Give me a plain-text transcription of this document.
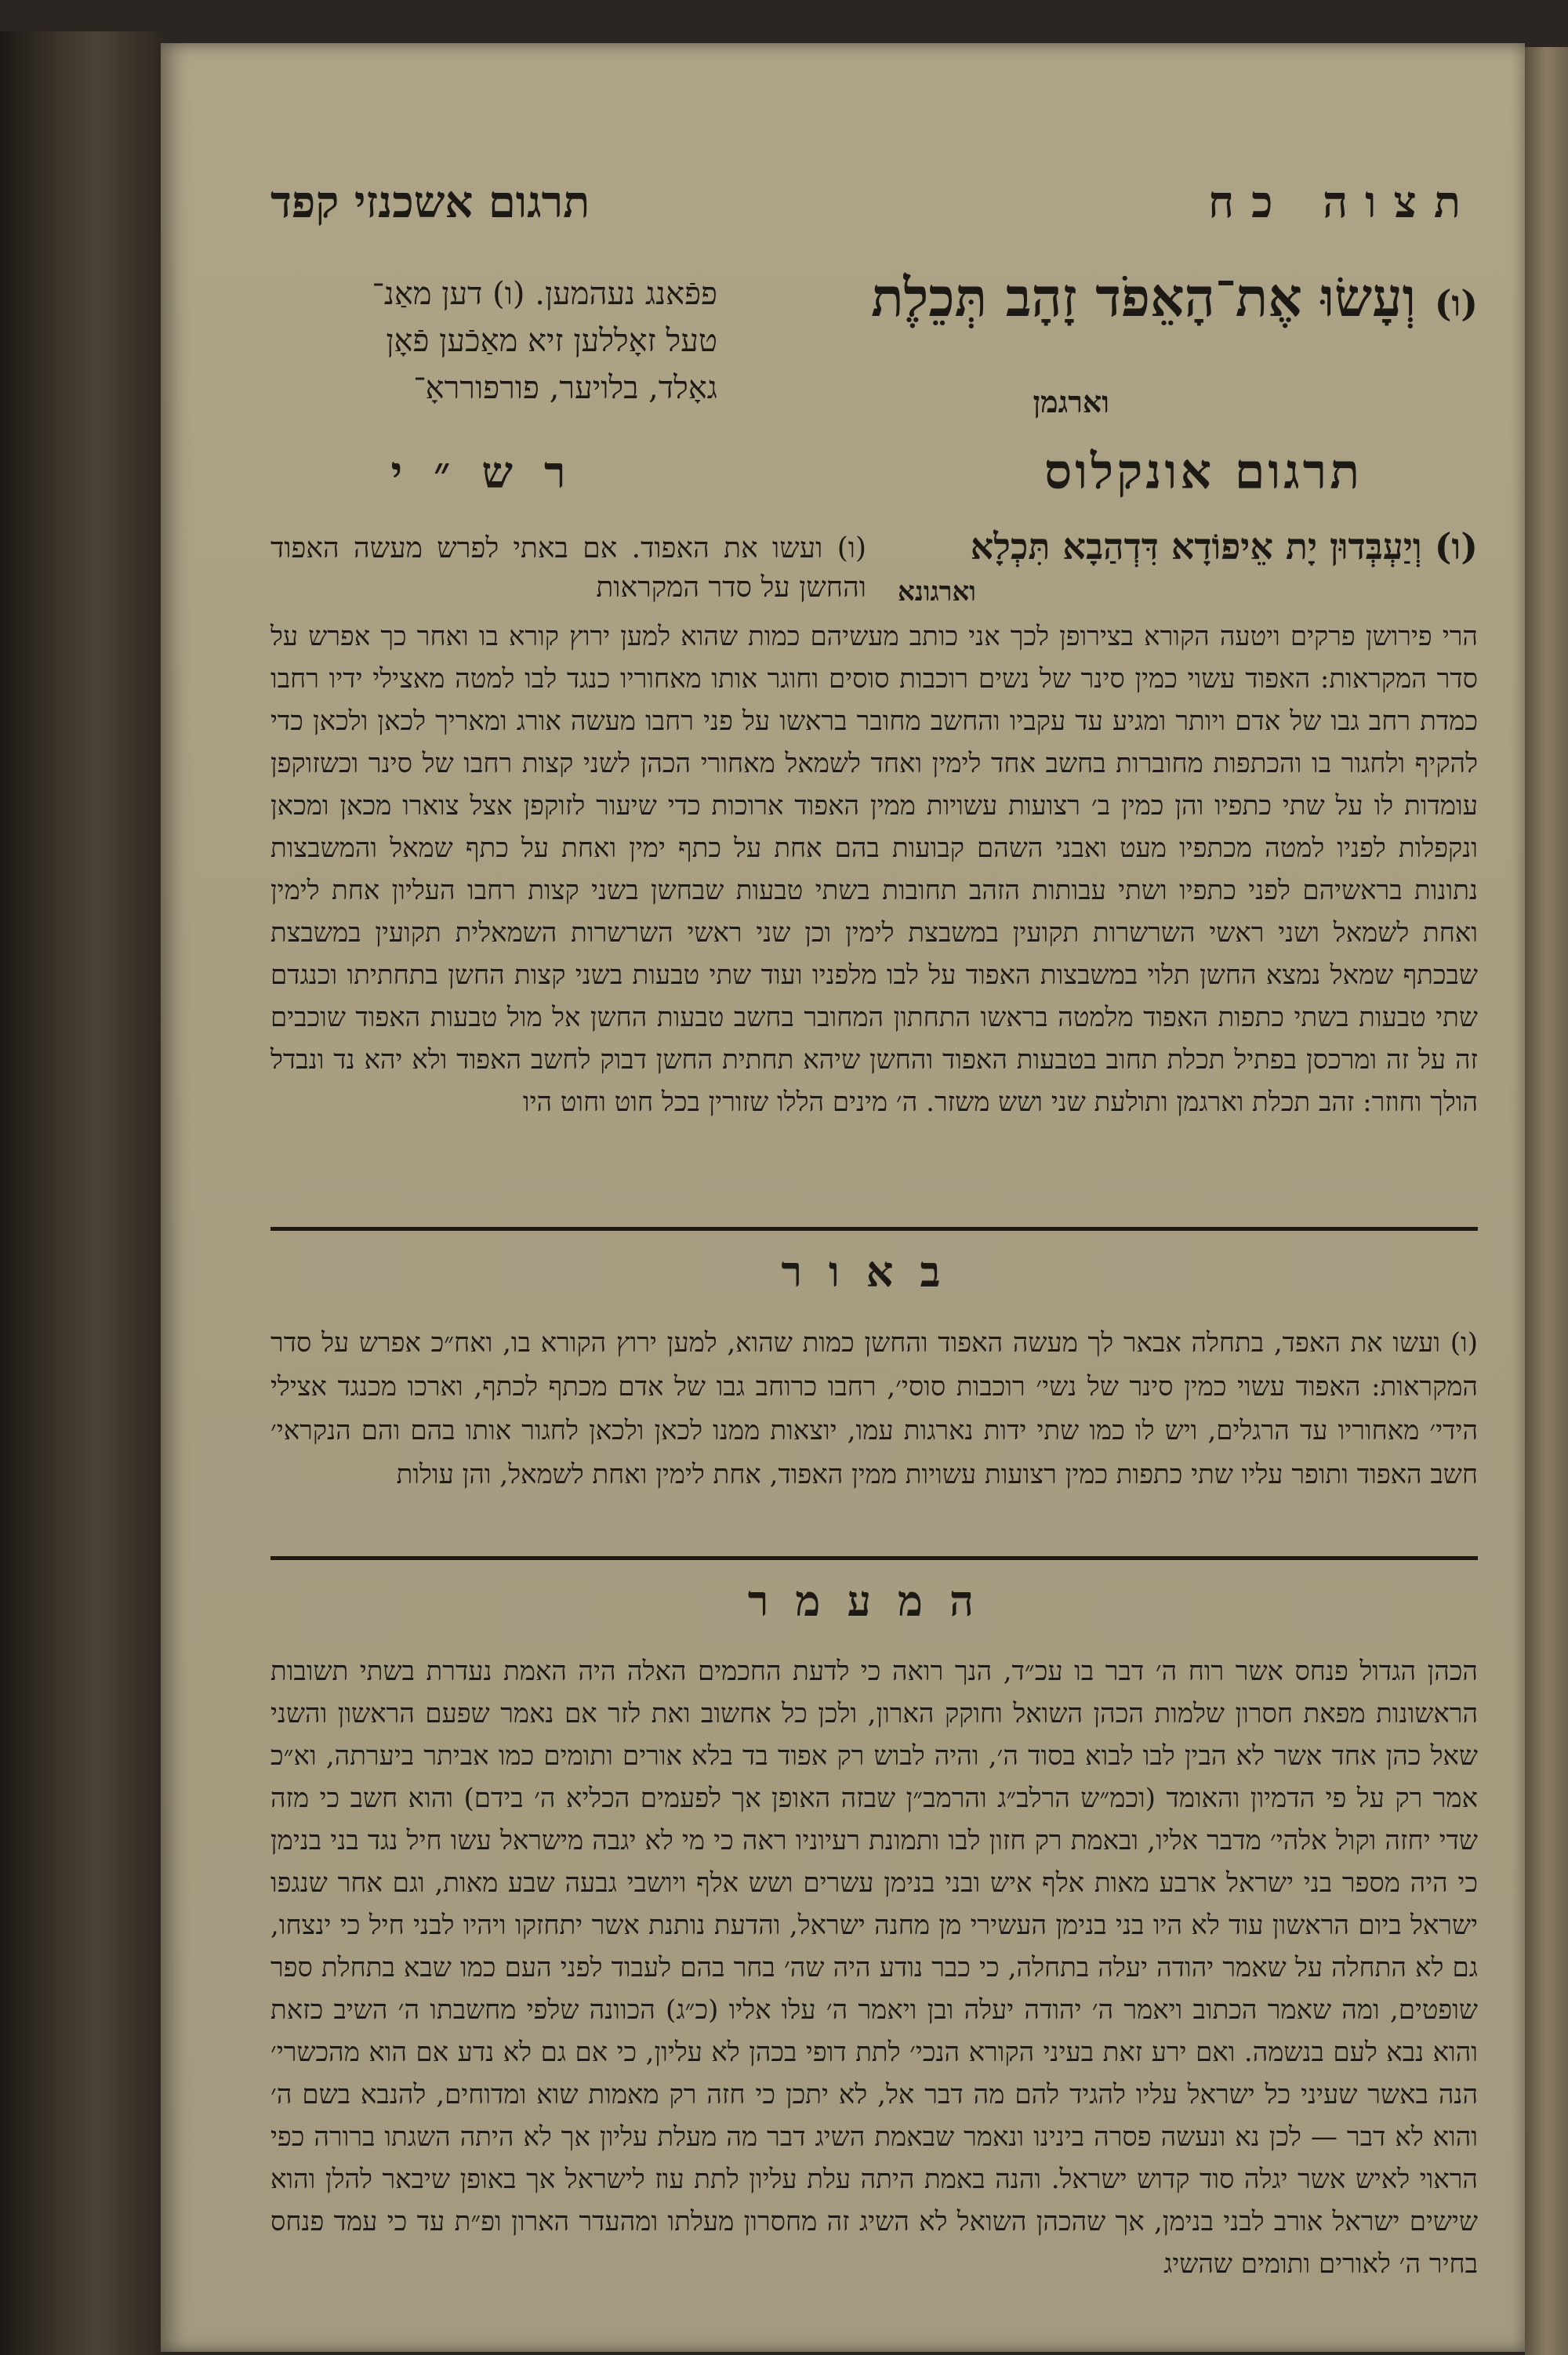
תצוה כח
תרגום אשכנזי קפד
(ו) וְעָשׂוּ אֶת־הָאֵפֹד זָהָב תְּכֵלֶת
וארגמן
פפֿאנג נעהמען. (ו) דען מאַנ־
טעל זאָללען זיא מאַכֿען פֿאָן
גאָלד, בלויער, פורפורראָ־
תרגום אונקלוס
רש״י
(ו) וְיַעְבְּדוּן יָת אֵיפוֹדָא דִּדְהַבָא תִּכְלָא
וארגונא
(ו) ועשו את האפוד. אם באתי לפרש מעשה האפוד והחשן על סדר המקראות
הרי פירושן פרקים ויטעה הקורא בצירופן לכך אני כותב מעשיהם כמות שהוא למען ירוץ קורא בו ואחר כך אפרש על סדר המקראות: האפוד עשוי כמין סינר של נשים רוכבות סוסים וחוגר אותו מאחוריו כנגד לבו למטה מאצילי ידיו רחבו כמדת רחב גבו של אדם ויותר ומגיע עד עקביו והחשב מחובר בראשו על פני רחבו מעשה אורג ומאריך לכאן ולכאן כדי להקיף ולחגור בו והכתפות מחוברות בחשב אחד לימין ואחד לשמאל מאחורי הכהן לשני קצות רחבו של סינר וכשזוקפן עומדות לו על שתי כתפיו והן כמין ב׳ רצועות עשויות ממין האפוד ארוכות כדי שיעור לזוקפן אצל צוארו מכאן ומכאן ונקפלות לפניו למטה מכתפיו מעט ואבני השהם קבועות בהם אחת על כתף ימין ואחת על כתף שמאל והמשבצות נתונות בראשיהם לפני כתפיו ושתי עבותות הזהב תחובות בשתי טבעות שבחשן בשני קצות רחבו העליון אחת לימין ואחת לשמאל ושני ראשי השרשרות תקועין במשבצת לימין וכן שני ראשי השרשרות השמאלית תקועין במשבצת שבכתף שמאל נמצא החשן תלוי במשבצות האפוד על לבו מלפניו ועוד שתי טבעות בשני קצות החשן בתחתיתו וכנגדם שתי טבעות בשתי כתפות האפוד מלמטה בראשו התחתון המחובר בחשב טבעות החשן אל מול טבעות האפוד שוכבים זה על זה ומרכסן בפתיל תכלת תחוב בטבעות האפוד והחשן שיהא תחתית החשן דבוק לחשב האפוד ולא יהא נד ונבדל הולך וחוזר: זהב תכלת וארגמן ותולעת שני ושש משזר. ה׳ מינים הללו שזורין בכל חוט וחוט היו
באור
(ו) ועשו את האפד, בתחלה אבאר לך מעשה האפוד והחשן כמות שהוא, למען ירוץ הקורא בו, ואח״כ אפרש על סדר המקראות: האפוד עשוי כמין סינר של נשי׳ רוכבות סוסי׳, רחבו כרוחב גבו של אדם מכתף לכתף, וארכו מכנגד אצילי הידי׳ מאחוריו עד הרגלים, ויש לו כמו שתי ידות נארגות עמו, יוצאות ממנו לכאן ולכאן לחגור אותו בהם והם הנקראי׳ חשב האפוד ותופר עליו שתי כתפות כמין רצועות עשויות ממין האפוד, אחת לימין ואחת לשמאל, והן עולות
המעמר
הכהן הגדול פנחס אשר רוח ה׳ דבר בו עכ״ד, הנך רואה כי לדעת החכמים האלה היה האמת נעדרת בשתי תשובות הראשונות מפאת חסרון שלמות הכהן השואל וחוקק הארון, ולכן כל אחשוב ואת לזר אם נאמר שפעם הראשון והשני שאל כהן אחד אשר לא הבין לבו לבוא בסוד ה׳, והיה לבוש רק אפוד בד בלא אורים ותומים כמו אביתר ביערתה, וא״כ אמר רק על פי הדמיון והאומד (וכמ״ש הרלב״ג והרמב״ן שבזה האופן אך לפעמים הכליא ה׳ בידם) והוא חשב כי מזה שדי יחזה וקול אלהי׳ מדבר אליו, ובאמת רק חזון לבו ותמונת רעיוניו ראה כי מי לא יגבה מישראל עשו חיל נגד בני בנימן כי היה מספר בני ישראל ארבע מאות אלף איש ובני בנימן עשרים ושש אלף ויושבי גבעה שבע מאות, וגם אחר שנגפו ישראל ביום הראשון עוד לא היו בני בנימן העשירי מן מחנה ישראל, והדעת נותנת אשר יתחזקו ויהיו לבני חיל כי ינצחו, גם לא התחלה על שאמר יהודה יעלה בתחלה, כי כבר נודע היה שה׳ בחר בהם לעבוד לפני העם כמו שבא בתחלת ספר שופטים, ומה שאמר הכתוב ויאמר ה׳ יהודה יעלה ובן ויאמר ה׳ עלו אליו (כ״ג) הכוונה שלפי מחשבתו ה׳ השיב כזאת והוא נבא לעם בנשמה. ואם ירע זאת בעיני הקורא הנכי׳ לתת דופי בכהן לא עליון, כי אם גם לא נדע אם הוא מהכשרי׳ הנה באשר שעיני כל ישראל עליו להגיד להם מה דבר אל, לא יתכן כי חזה רק מאמות שוא ומדוחים, להנבא בשם ה׳ והוא לא דבר — לכן נא ונעשה פסרה בינינו ונאמר שבאמת השיג דבר מה מעלת עליון אך לא היתה השגתו ברורה כפי הראוי לאיש אשר יגלה סוד קדוש ישראל. והנה באמת היתה עלת עליון לתת עוז לישראל אך באופן שיבאר להלן והוא שישים ישראל אורב לבני בנימן, אך שהכהן השואל לא השיג זה מחסרון מעלתו ומהעדר הארון ופ״ת עד כי עמד פנחס בחיר ה׳ לאורים ותומים שהשיג
